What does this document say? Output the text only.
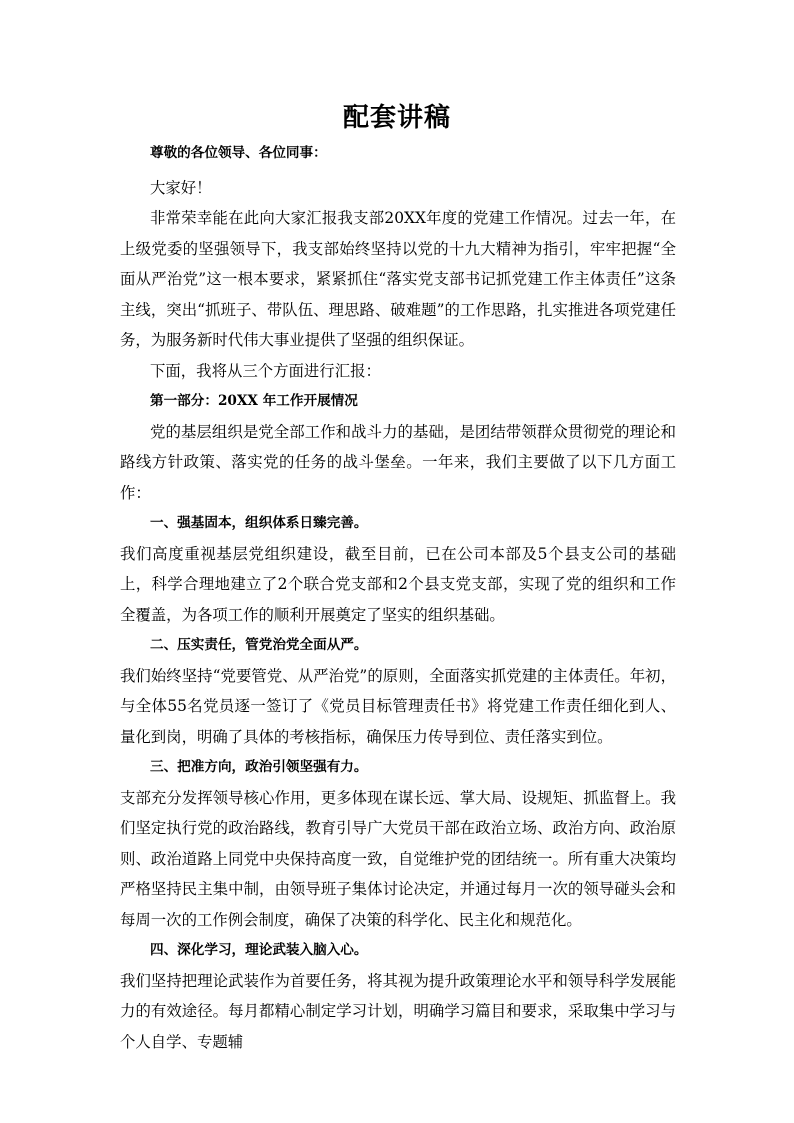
配套讲稿

尊敬的各位领导、各位同事：

大家好！

非常荣幸能在此向大家汇报我支部20XX年度的党建工作情况。过去一年，在上级党委的坚强领导下，我支部始终坚持以党的十九大精神为指引，牢牢把握“全面从严治党”这一根本要求，紧紧抓住“落实党支部书记抓党建工作主体责任”这条主线，突出“抓班子、带队伍、理思路、破难题”的工作思路，扎实推进各项党建任务，为服务新时代伟大事业提供了坚强的组织保证。

下面，我将从三个方面进行汇报：

第一部分：20XX 年工作开展情况

党的基层组织是党全部工作和战斗力的基础，是团结带领群众贯彻党的理论和路线方针政策、落实党的任务的战斗堡垒。一年来，我们主要做了以下几方面工作：

一、强基固本，组织体系日臻完善。

我们高度重视基层党组织建设，截至目前，已在公司本部及5个县支公司的基础上，科学合理地建立了2个联合党支部和2个县支党支部，实现了党的组织和工作全覆盖，为各项工作的顺利开展奠定了坚实的组织基础。

二、压实责任，管党治党全面从严。

我们始终坚持“党要管党、从严治党”的原则，全面落实抓党建的主体责任。年初，与全体55名党员逐一签订了《党员目标管理责任书》将党建工作责任细化到人、量化到岗，明确了具体的考核指标，确保压力传导到位、责任落实到位。

三、把准方向，政治引领坚强有力。

支部充分发挥领导核心作用，更多体现在谋长远、掌大局、设规矩、抓监督上。我们坚定执行党的政治路线，教育引导广大党员干部在政治立场、政治方向、政治原则、政治道路上同党中央保持高度一致，自觉维护党的团结统一。所有重大决策均严格坚持民主集中制，由领导班子集体讨论决定，并通过每月一次的领导碰头会和每周一次的工作例会制度，确保了决策的科学化、民主化和规范化。

四、深化学习，理论武装入脑入心。

我们坚持把理论武装作为首要任务，将其视为提升政策理论水平和领导科学发展能力的有效途径。每月都精心制定学习计划，明确学习篇目和要求，采取集中学习与个人自学、专题辅
